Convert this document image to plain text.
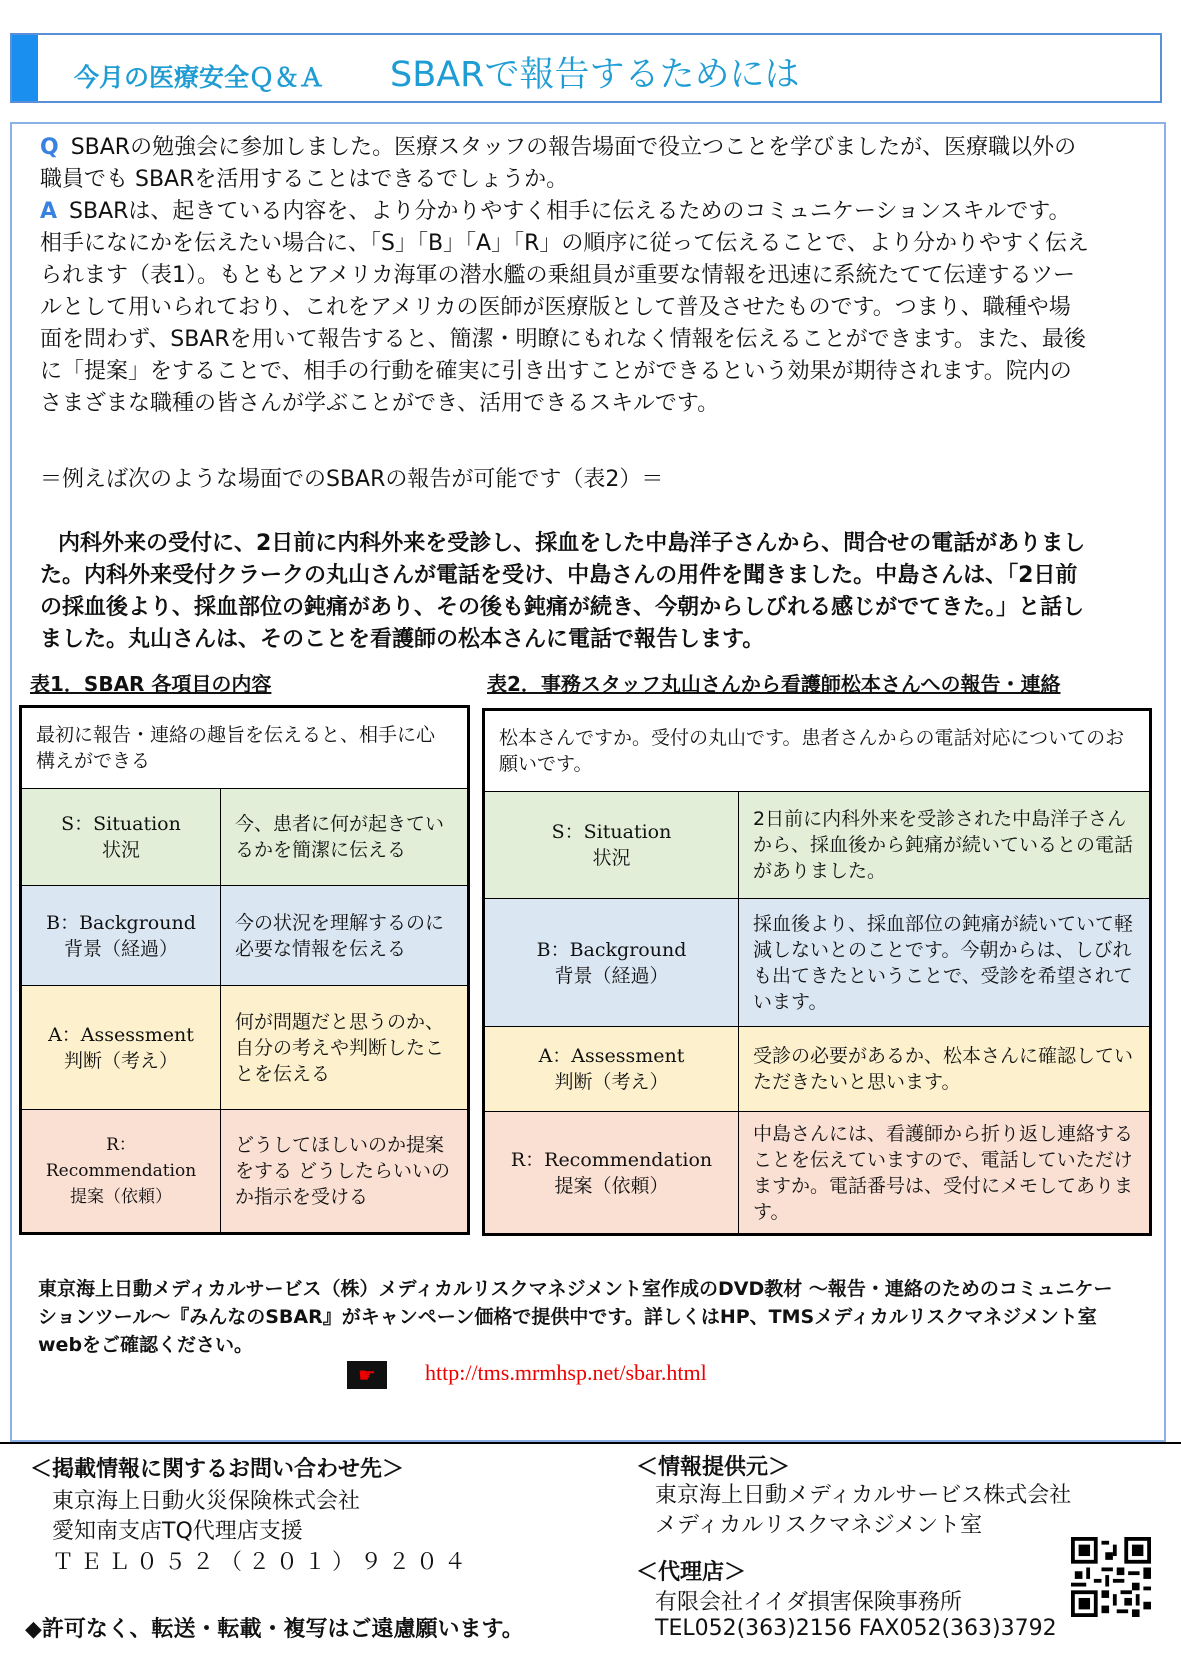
今月の医療安全Ｑ＆Ａ SBARで報告するためには

Q SBARの勉強会に参加しました。医療スタッフの報告場面で役立つことを学びましたが、医療職以外の職員でも SBARを活用することはできるでしょうか。

A SBARは、起きている内容を、より分かりやすく相手に伝えるためのコミュニケーションスキルです。相手になにかを伝えたい場合に、「S」「B」「A」「R」の順序に従って伝えることで、より分かりやすく伝えられます（表1）。もともとアメリカ海軍の潜水艦の乗組員が重要な情報を迅速に系統たてて伝達するツールとして用いられており、これをアメリカの医師が医療版として普及させたものです。つまり、職種や場面を問わず、SBARを用いて報告すると、簡潔・明瞭にもれなく情報を伝えることができます。また、最後に「提案」をすることで、相手の行動を確実に引き出すことができるという効果が期待されます。院内のさまざまな職種の皆さんが学ぶことができ、活用できるスキルです。

＝例えば次のような場面でのSBARの報告が可能です（表2）＝

内科外来の受付に、2日前に内科外来を受診し、採血をした中島洋子さんから、問合せの電話がありました。内科外来受付クラークの丸山さんが電話を受け、中島さんの用件を聞きました。中島さんは、「2日前の採血後より、採血部位の鈍痛があり、その後も鈍痛が続き、今朝からしびれる感じがでてきた。」と話しました。丸山さんは、そのことを看護師の松本さんに電話で報告します。

表1．SBAR 各項目の内容	表2．事務スタッフ丸山さんから看護師松本さんへの報告・連絡
最初に報告・連絡の趣旨を伝えると、相手に心構えができる	

S：Situation
状況	今、患者に何が起きているかを簡潔に伝える

B：Background
背景（経過）	今の状況を理解するのに必要な情報を伝える

A：Assessment
判断（考え）	何が問題だと思うのか、自分の考えや判断したことを伝える

R：Recommendation
提案（依頼）	どうしてほしいのか提案をする どうしたらいいのか指示を受ける
松本さんですか。受付の丸山です。患者さんからの電話対応についてのお願いです。	

S：Situation
状況	2日前に内科外来を受診された中島洋子さんから、採血後から鈍痛が続いているとの電話がありました。

B：Background
背景（経過）	採血後より、採血部位の鈍痛が続いていて軽減しないとのことです。今朝からは、しびれも出てきたということで、受診を希望されています。

A：Assessment
判断（考え）	受診の必要があるか、松本さんに確認していただきたいと思います。

R：Recommendation
提案（依頼）	中島さんには、看護師から折り返し連絡することを伝えていますので、電話していただけますか。電話番号は、受付にメモしてあります。

東京海上日動メディカルサービス（株）メディカルリスクマネジメント室作成のDVD教材 ～報告・連絡のためのコミュニケーションツール～『みんなのSBAR』がキャンペーン価格で提供中です。詳しくはHP、TMSメディカルリスクマネジメント室webをご確認ください。

☛	http://tms.mrmhsp.net/sbar.html
＜掲載情報に関するお問い合わせ先＞
東京海上日動火災保険株式会社
愛知南支店TQ代理店支援
ＴＥＬ０５２（２０１）９２０４
＜情報提供元＞
東京海上日動メディカルサービス株式会社
メディカルリスクマネジメント室
＜代理店＞
有限会社イイダ損害保険事務所
TEL052(363)2156 FAX052(363)3792
◆許可なく、転送・転載・複写はご遠慮願います。
